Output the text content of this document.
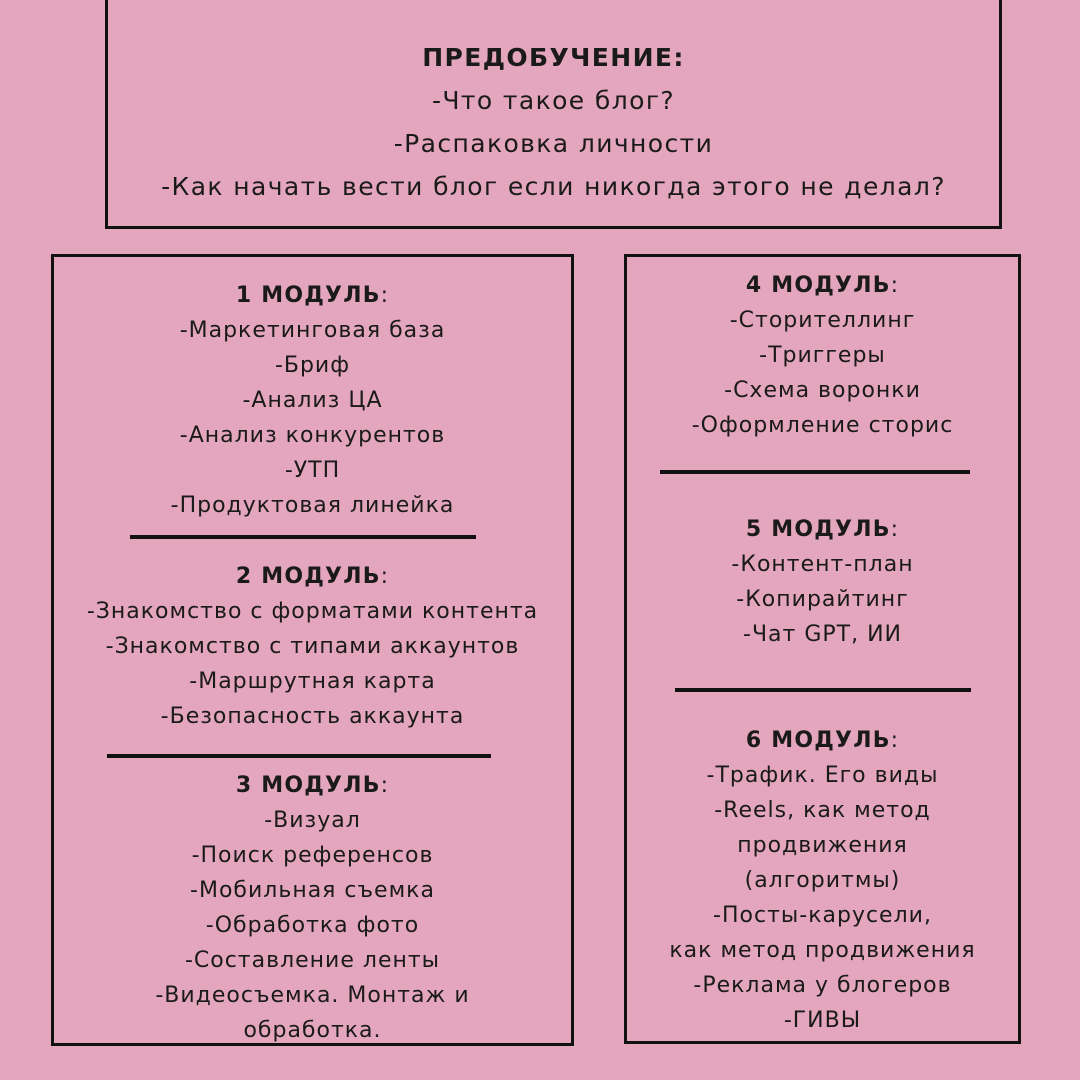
ПРЕДОБУЧЕНИЕ:
-Что такое блог?
-Распаковка личности
-Как начать вести блог если никогда этого не делал?
1 МОДУЛЬ:
-Маркетинговая база
-Бриф
-Анализ ЦА
-Анализ конкурентов
-УТП
-Продуктовая линейка
2 МОДУЛЬ:
-Знакомство с форматами контента
-Знакомство с типами аккаунтов
-Маршрутная карта
-Безопасность аккаунта
3 МОДУЛЬ:
-Визуал
-Поиск референсов
-Мобильная съемка
-Обработка фото
-Составление ленты
-Видеосъемка. Монтаж и
обработка.
4 МОДУЛЬ:
-Сторителлинг
-Триггеры
-Схема воронки
-Оформление сторис
5 МОДУЛЬ:
-Контент-план
-Копирайтинг
-Чат GPT, ИИ
6 МОДУЛЬ:
-Трафик. Его виды
-Reels, как метод
продвижения
(алгоритмы)
-Посты-карусели,
как метод продвижения
-Реклама у блогеров
-ГИВЫ
